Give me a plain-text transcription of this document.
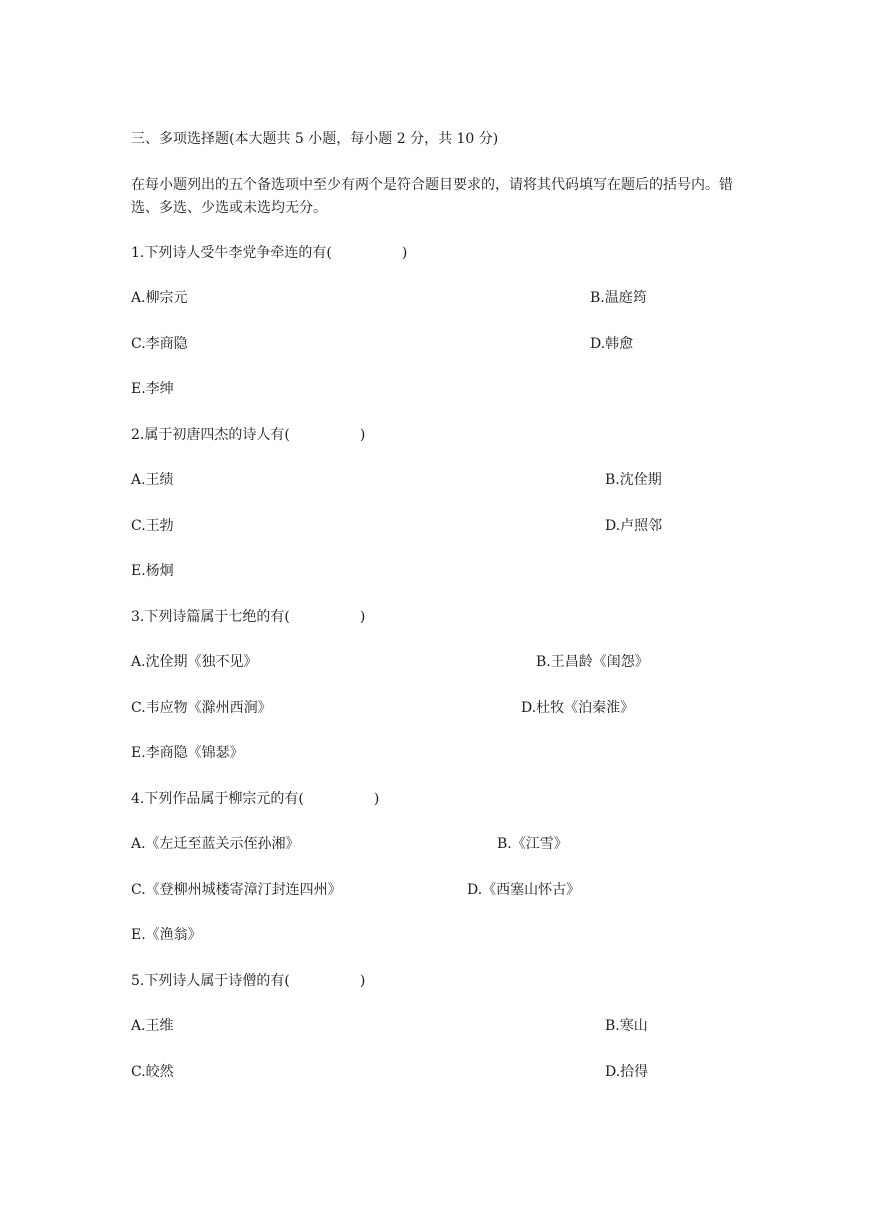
三、多项选择题(本大题共 5 小题，每小题 2 分，共 10 分)
在每小题列出的五个备选项中至少有两个是符合题目要求的，请将其代码填写在题后的括号内。错选、多选、少选或未选均无分。
1.下列诗人受牛李党争牵连的有(　　　　　)
A.柳宗元	B.温庭筠
C.李商隐	D.韩愈
E.李绅
2.属于初唐四杰的诗人有(　　　　　)
A.王绩	B.沈佺期
C.王勃	D.卢照邻
E.杨炯
3.下列诗篇属于七绝的有(　　　　　)
A.沈佺期《独不见》	B.王昌龄《闺怨》
C.韦应物《滁州西涧》	D.杜牧《泊秦淮》
E.李商隐《锦瑟》
4.下列作品属于柳宗元的有(　　　　　)
A.《左迁至蓝关示侄孙湘》	B.《江雪》
C.《登柳州城楼寄漳汀封连四州》	D.《西塞山怀古》
E.《渔翁》
5.下列诗人属于诗僧的有(　　　　　)
A.王维	B.寒山
C.皎然	D.拾得
